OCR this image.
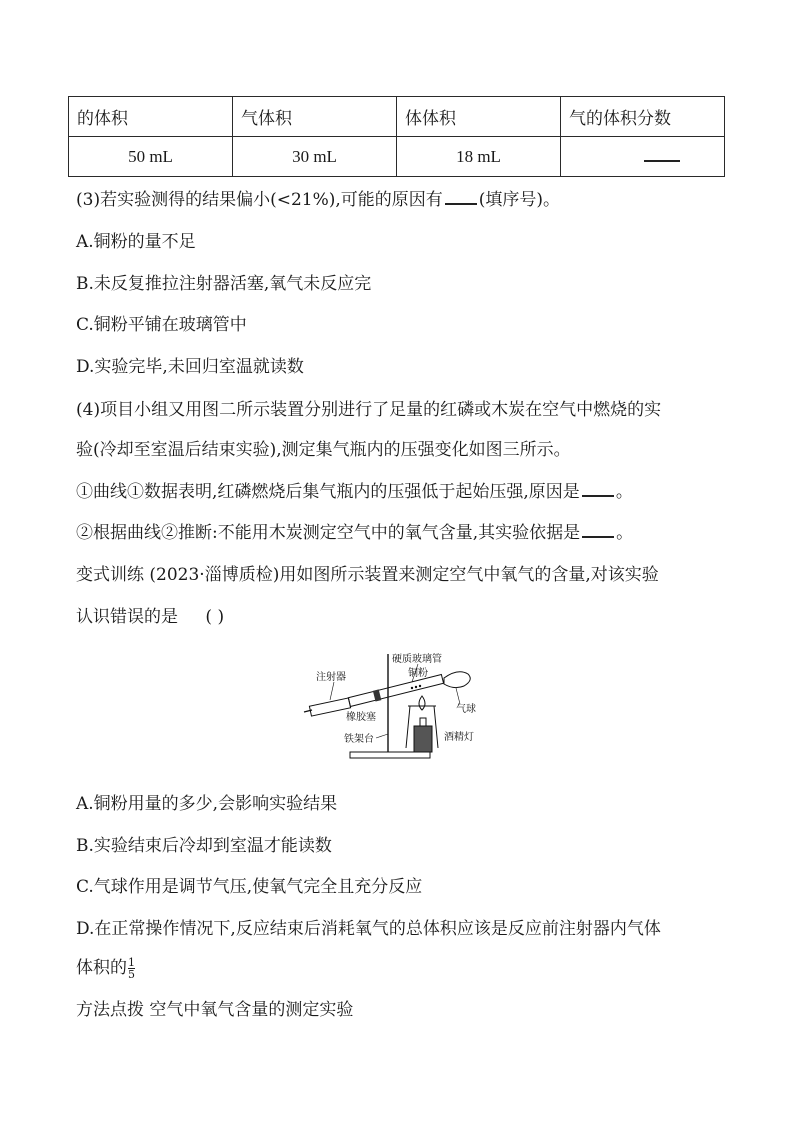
的体积	气体积	体体积	气的体积分数
50 mL	30 mL	18 mL	
(3)若实验测得的结果偏小(<21%),可能的原因有 (填序号)。
A.铜粉的量不足
B.未反复推拉注射器活塞,氧气未反应完
C.铜粉平铺在玻璃管中
D.实验完毕,未回归室温就读数
(4)项目小组又用图二所示装置分别进行了足量的红磷或木炭在空气中燃烧的实
验(冷却至室温后结束实验),测定集气瓶内的压强变化如图三所示。
①曲线①数据表明,红磷燃烧后集气瓶内的压强低于起始压强,原因是 。
②根据曲线②推断:不能用木炭测定空气中的氧气含量,其实验依据是 。
变式训练 (2023·淄博质检)用如图所示装置来测定空气中氧气的含量,对该实验
认识错误的是 ( )
硬质玻璃管
注射器	铜粉
气球
橡胶塞
铁架台	酒精灯
A.铜粉用量的多少,会影响实验结果
B.实验结束后冷却到室温才能读数
C.气球作用是调节气压,使氧气完全且充分反应
D.在正常操作情况下,反应结束后消耗氧气的总体积应该是反应前注射器内气体
体积的 $\frac{1}{5}$
方法点拨 空气中氧气含量的测定实验
